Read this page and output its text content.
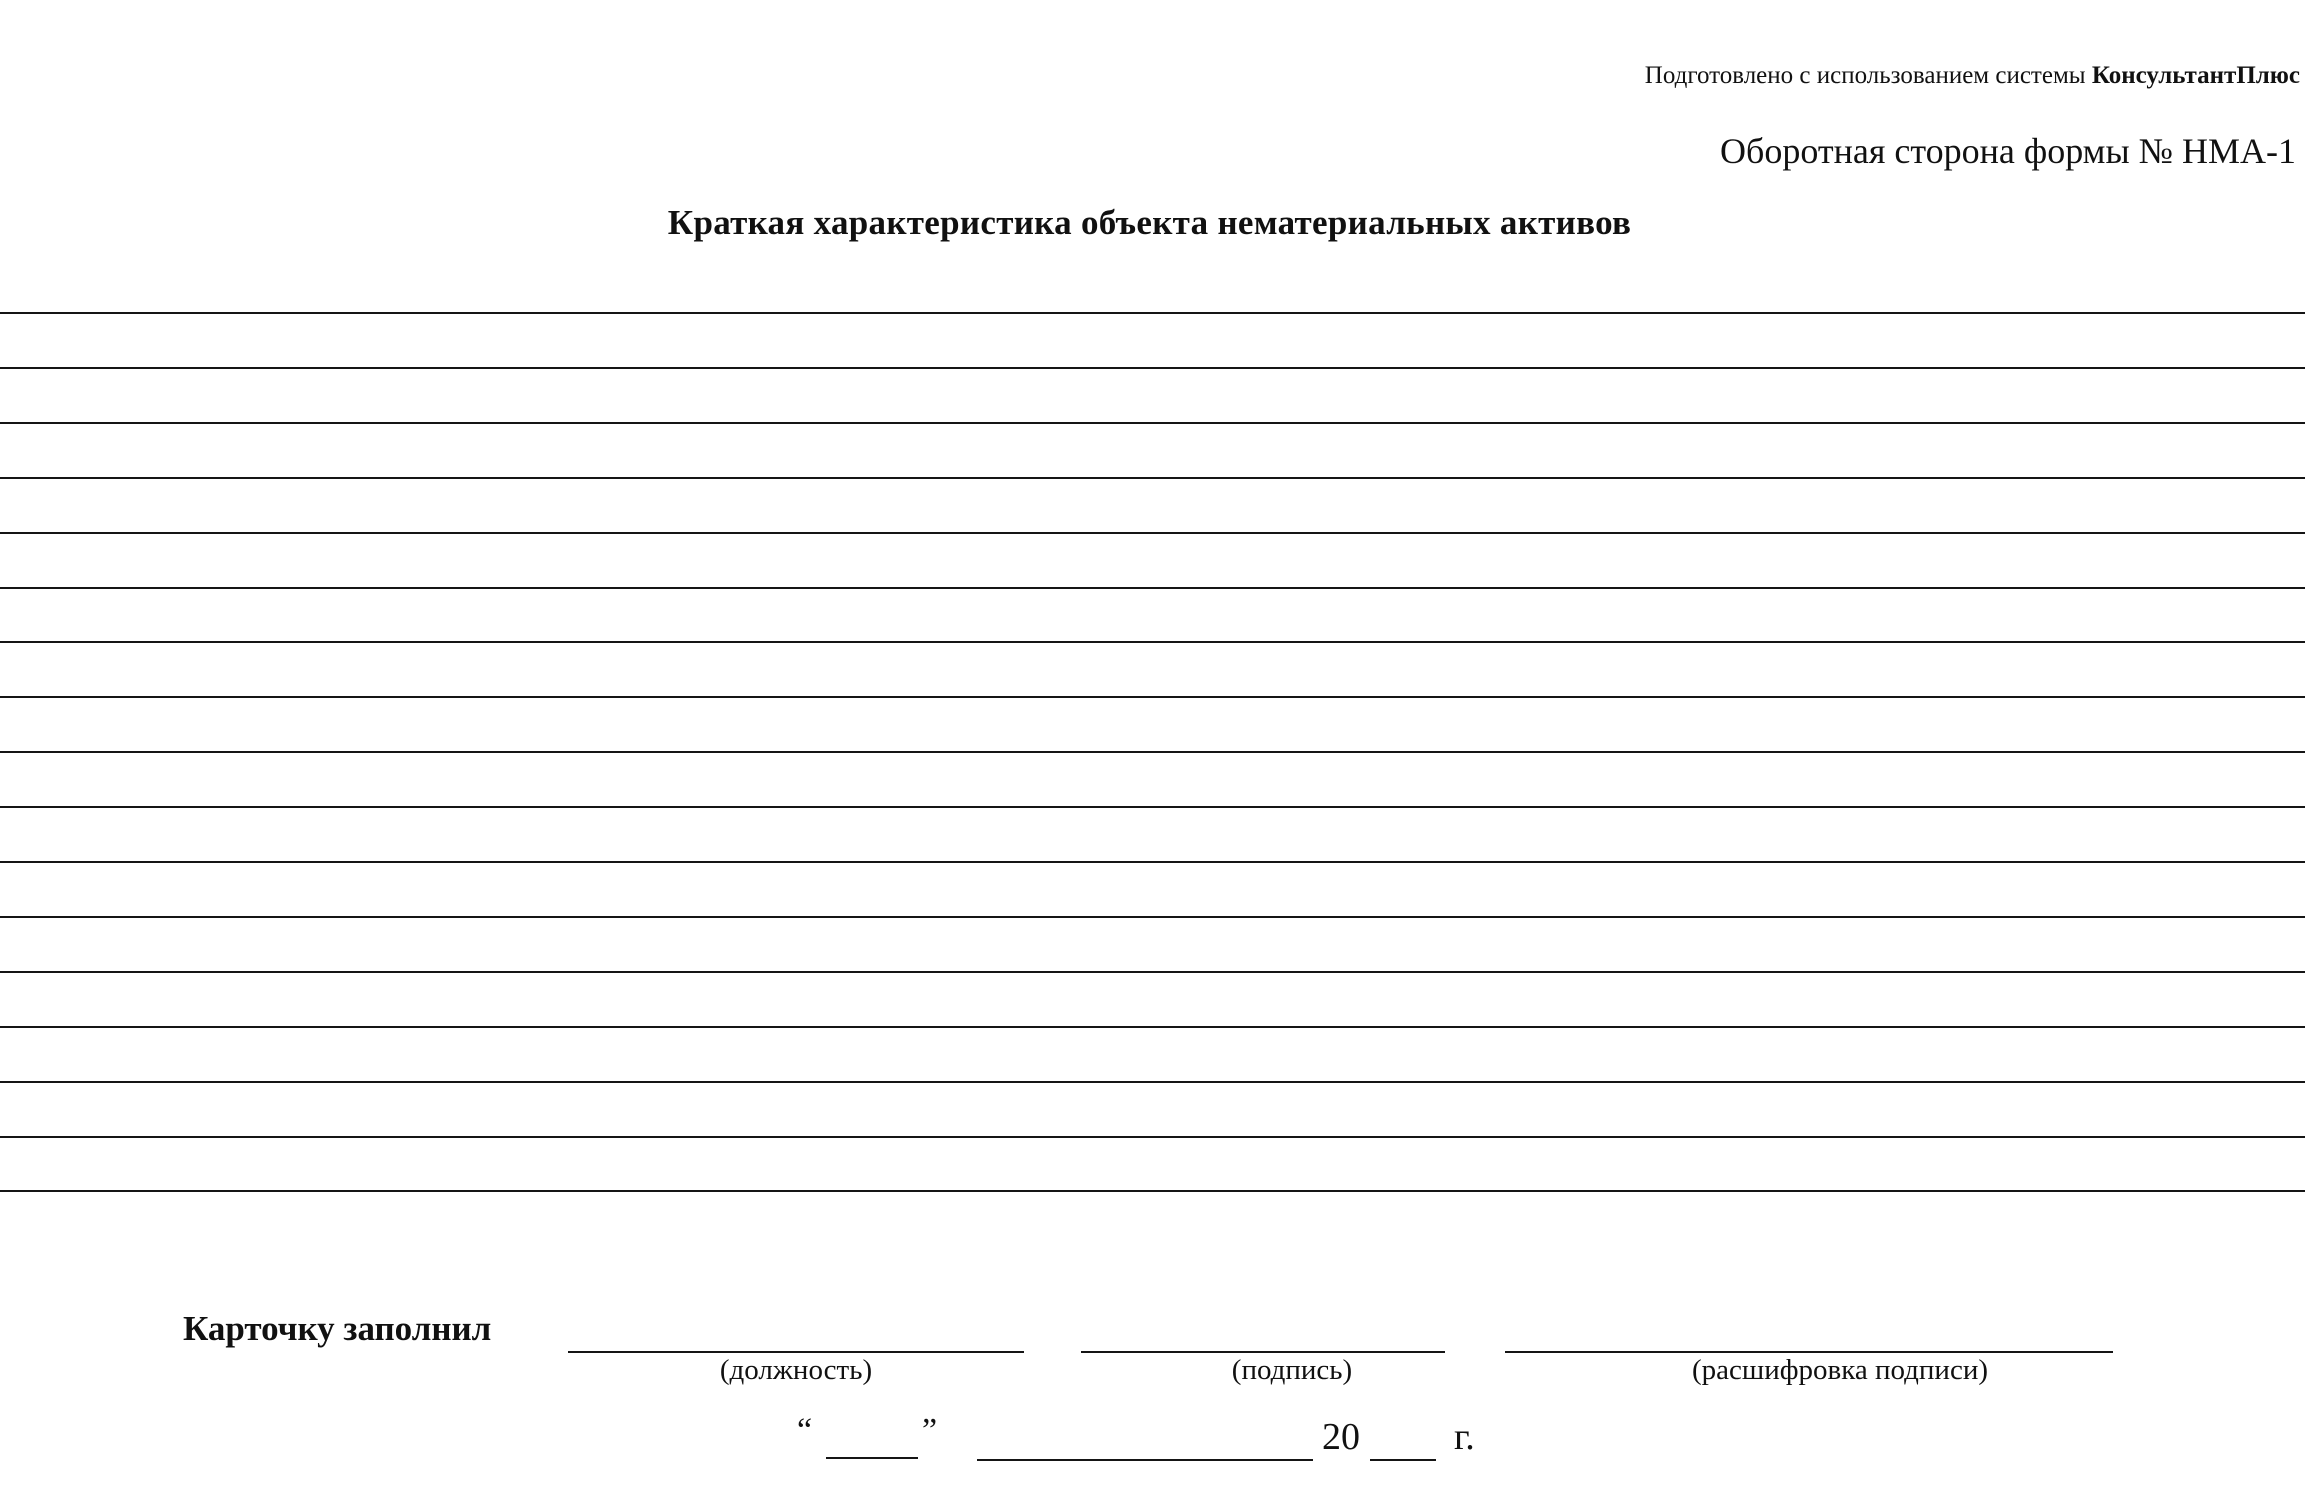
Подготовлено с использованием системы КонсультантПлюс
Оборотная сторона формы № НМА-1
Краткая характеристика объекта нематериальных активов
Карточку заполнил
(должность)	(подпись)	(расшифровка подписи)
“	”	20 г.
